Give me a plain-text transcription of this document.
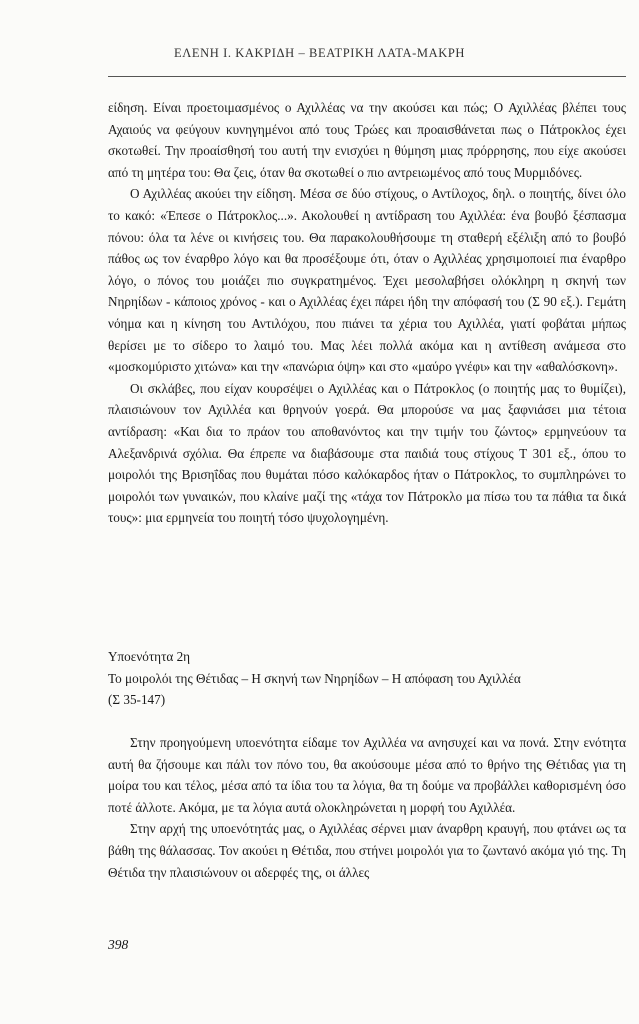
ΕΛΕΝΗ Ι. ΚΑΚΡΙΔΗ – ΒΕΑΤΡΙΚΗ ΛΑΤΑ-ΜΑΚΡΗ

είδηση. Είναι προετοιμασμένος ο Αχιλλέας να την ακούσει και πώς; Ο Αχιλλέας βλέπει τους Αχαιούς να φεύγουν κυνηγημένοι από τους Τρώες και προαισθάνεται πως ο Πάτροκλος έχει σκοτωθεί. Την προαίσθησή του αυτή την ενισχύει η θύμηση μιας πρόρρησης, που είχε ακούσει από τη μητέρα του: Θα ζεις, όταν θα σκοτωθεί ο πιο αντρειωμένος από τους Μυρμιδόνες.

Ο Αχιλλέας ακούει την είδηση. Μέσα σε δύο στίχους, ο Αντίλοχος, δηλ. ο ποιητής, δίνει όλο το κακό: «Έπεσε ο Πάτροκλος...». Ακολουθεί η αντίδραση του Αχιλλέα: ένα βουβό ξέσπασμα πόνου: όλα τα λένε οι κινήσεις του. Θα παρακολουθήσουμε τη σταθερή εξέλιξη από το βουβό πάθος ως τον έναρθρο λόγο και θα προσέξουμε ότι, όταν ο Αχιλλέας χρησιμοποιεί πια έναρθρο λόγο, ο πόνος του μοιάζει πιο συγκρατημένος. Έχει μεσολαβήσει ολόκληρη η σκηνή των Νηρηίδων - κάποιος χρόνος - και ο Αχιλλέας έχει πάρει ήδη την απόφασή του (Σ 90 εξ.). Γεμάτη νόημα και η κίνηση του Αντιλόχου, που πιάνει τα χέρια του Αχιλλέα, γιατί φοβάται μήπως θερίσει με το σίδερο το λαιμό του. Μας λέει πολλά ακόμα και η αντίθεση ανάμεσα στο «μοσκομύριστο χιτώνα» και την «πανώρια όψη» και στο «μαύρο γνέφι» και την «αθαλόσκονη».

Οι σκλάβες, που είχαν κουρσέψει ο Αχιλλέας και ο Πάτροκλος (ο ποιητής μας το θυμίζει), πλαισιώνουν τον Αχιλλέα και θρηνούν γοερά. Θα μπορούσε να μας ξαφνιάσει μια τέτοια αντίδραση: «Και δια το πράον του αποθανόντος και την τιμήν του ζώντος» ερμηνεύουν τα Αλεξανδρινά σχόλια. Θα έπρεπε να διαβάσουμε στα παιδιά τους στίχους Τ 301 εξ., όπου το μοιρολόι της Βρισηΐδας που θυμάται πόσο καλόκαρδος ήταν ο Πάτροκλος, το συμπληρώνει το μοιρολόι των γυναικών, που κλαίνε μαζί της «τάχα τον Πάτροκλο μα πίσω του τα πάθια τα δικά τους»: μια ερμηνεία του ποιητή τόσο ψυχολογημένη.

Υποενότητα 2η
Το μοιρολόι της Θέτιδας – Η σκηνή των Νηρηίδων – Η απόφαση του Αχιλλέα
(Σ 35-147)

Στην προηγούμενη υποενότητα είδαμε τον Αχιλλέα να ανησυχεί και να πονά. Στην ενότητα αυτή θα ζήσουμε και πάλι τον πόνο του, θα ακούσουμε μέσα από το θρήνο της Θέτιδας για τη μοίρα του και τέλος, μέσα από τα ίδια του τα λόγια, θα τη δούμε να προβάλλει καθορισμένη όσο ποτέ άλλοτε. Ακόμα, με τα λόγια αυτά ολοκληρώνεται η μορφή του Αχιλλέα.

Στην αρχή της υποενότητάς μας, ο Αχιλλέας σέρνει μιαν άναρθρη κραυγή, που φτάνει ως τα βάθη της θάλασσας. Τον ακούει η Θέτιδα, που στήνει μοιρολόι για το ζωντανό ακόμα γιό της. Τη Θέτιδα την πλαισιώνουν οι αδερφές της, οι άλλες

398
